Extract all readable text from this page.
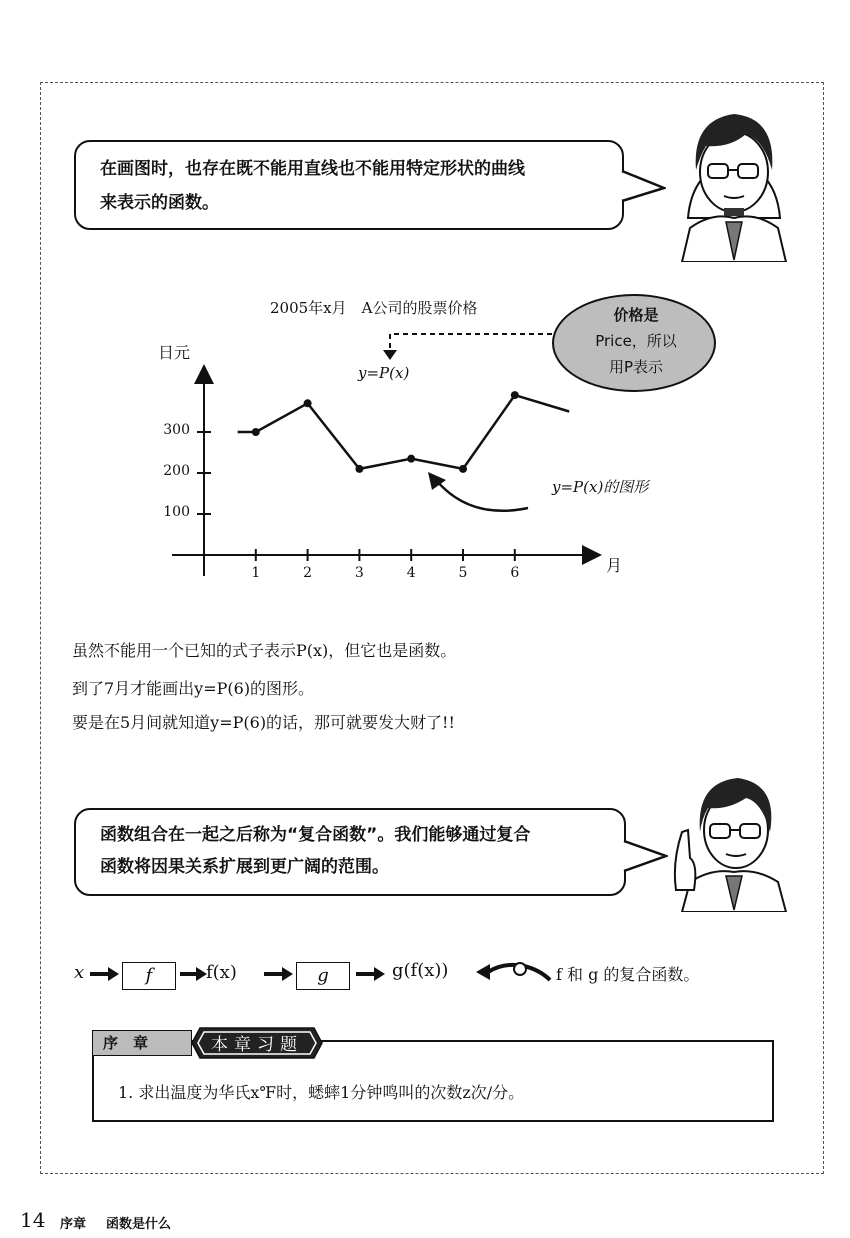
在画图时，也存在既不能用直线也不能用特定形状的曲线
来表示的函数。
2005年x月　A公司的股票价格
日元
月
1	2	3	4	5	6
300
200
100
价格是
Price，所以
用P表示
y=P(x)
y=P(x)的图形
虽然不能用一个已知的式子表示P(x)，但它也是函数。
到了7月才能画出y=P(6)的图形。
要是在5月间就知道y=P(6)的话，那可就要发大财了!!
函数组合在一起之后称为“复合函数”。我们能够通过复合
函数将因果关系扩展到更广阔的范围。
x	f	f(x)	g	g(f(x))	f 和 g 的复合函数。
序　章	本章习题
1. 求出温度为华氏x℉时，蟋蟀1分钟鸣叫的次数z次/分。
14 序章 函数是什么
